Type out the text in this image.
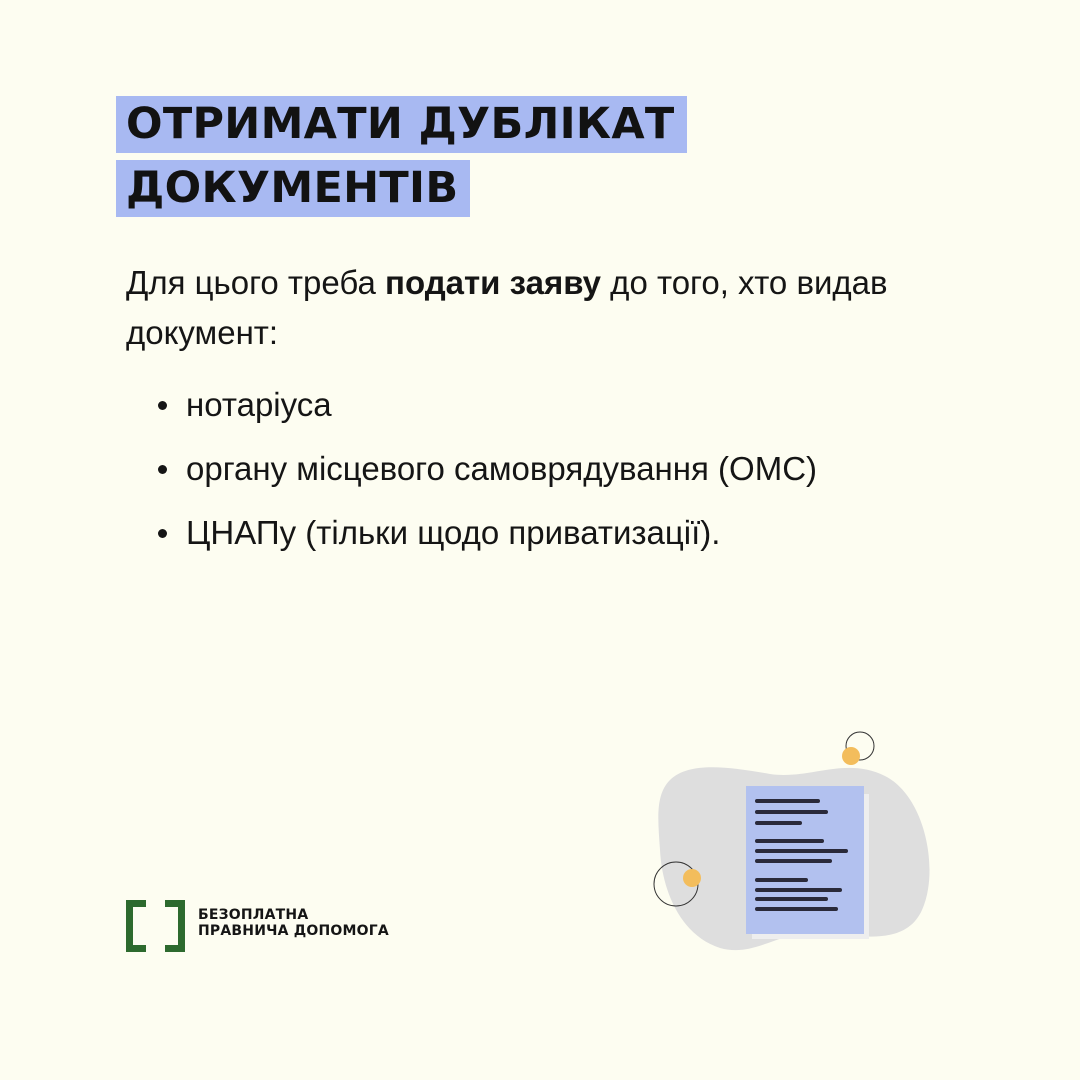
ОТРИМАТИ ДУБЛІКАТ
ДОКУМЕНТІВ

Для цього треба подати заяву до того, хто видав документ:

нотаріуса
органу місцевого самоврядування (ОМС)
ЦНАПу (тільки щодо приватизації).
БЕЗОПЛАТНА
ПРАВНИЧА ДОПОМОГА
